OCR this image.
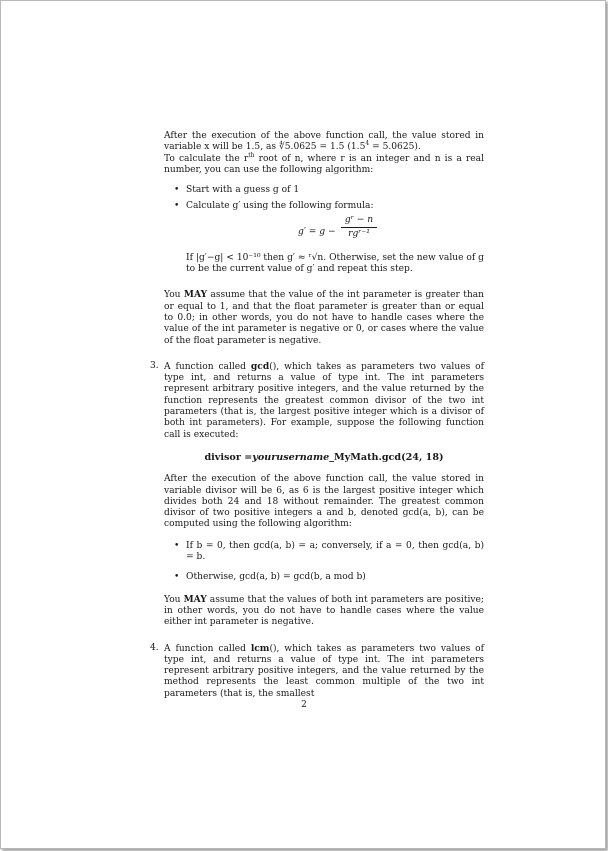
After the execution of the above function call, the value stored in variable x will be 1.5, as ∜5.0625 = 1.5 $(1.5^4 = 5.0625)$.
To calculate the $r^{th}$ root of n, where r is an integer and n is a real number, you can use the following algorithm:

• Start with a guess g of 1
• Calculate g′ using the following formula:
g′ = g −
gʳ − n
rgʳ⁻¹

If |g′−g| < 10⁻¹⁰ then g′ ≈ ʳ√n. Otherwise, set the new value of g to be the current value of g′ and repeat this step.

You MAY assume that the value of the int parameter is greater than or equal to 1, and that the float parameter is greater than or equal to 0.0; in other words, you do not have to handle cases where the value of the int parameter is negative or 0, or cases where the value of the float parameter is negative.

3. A function called gcd(), which takes as parameters two values of type int, and returns a value of type int. The int parameters represent arbitrary positive integers, and the value returned by the function represents the greatest common divisor of the two int parameters (that is, the largest positive integer which is a divisor of both int parameters). For example, suppose the following function call is executed:

divisor =yourusername_MyMath.gcd(24, 18)

After the execution of the above function call, the value stored in variable divisor will be 6, as 6 is the largest positive integer which divides both 24 and 18 without remainder. The greatest common divisor of two positive integers a and b, denoted gcd(a, b), can be computed using the following algorithm:

• If b = 0, then gcd(a, b) = a; conversely, if a = 0, then gcd(a, b) = b.
• Otherwise, gcd(a, b) = gcd(b, a mod b)

You MAY assume that the values of both int parameters are positive; in other words, you do not have to handle cases where the value either int parameter is negative.

4. A function called lcm(), which takes as parameters two values of type int, and returns a value of type int. The int parameters represent arbitrary positive integers, and the value returned by the method represents the least common multiple of the two int parameters (that is, the smallest

2
